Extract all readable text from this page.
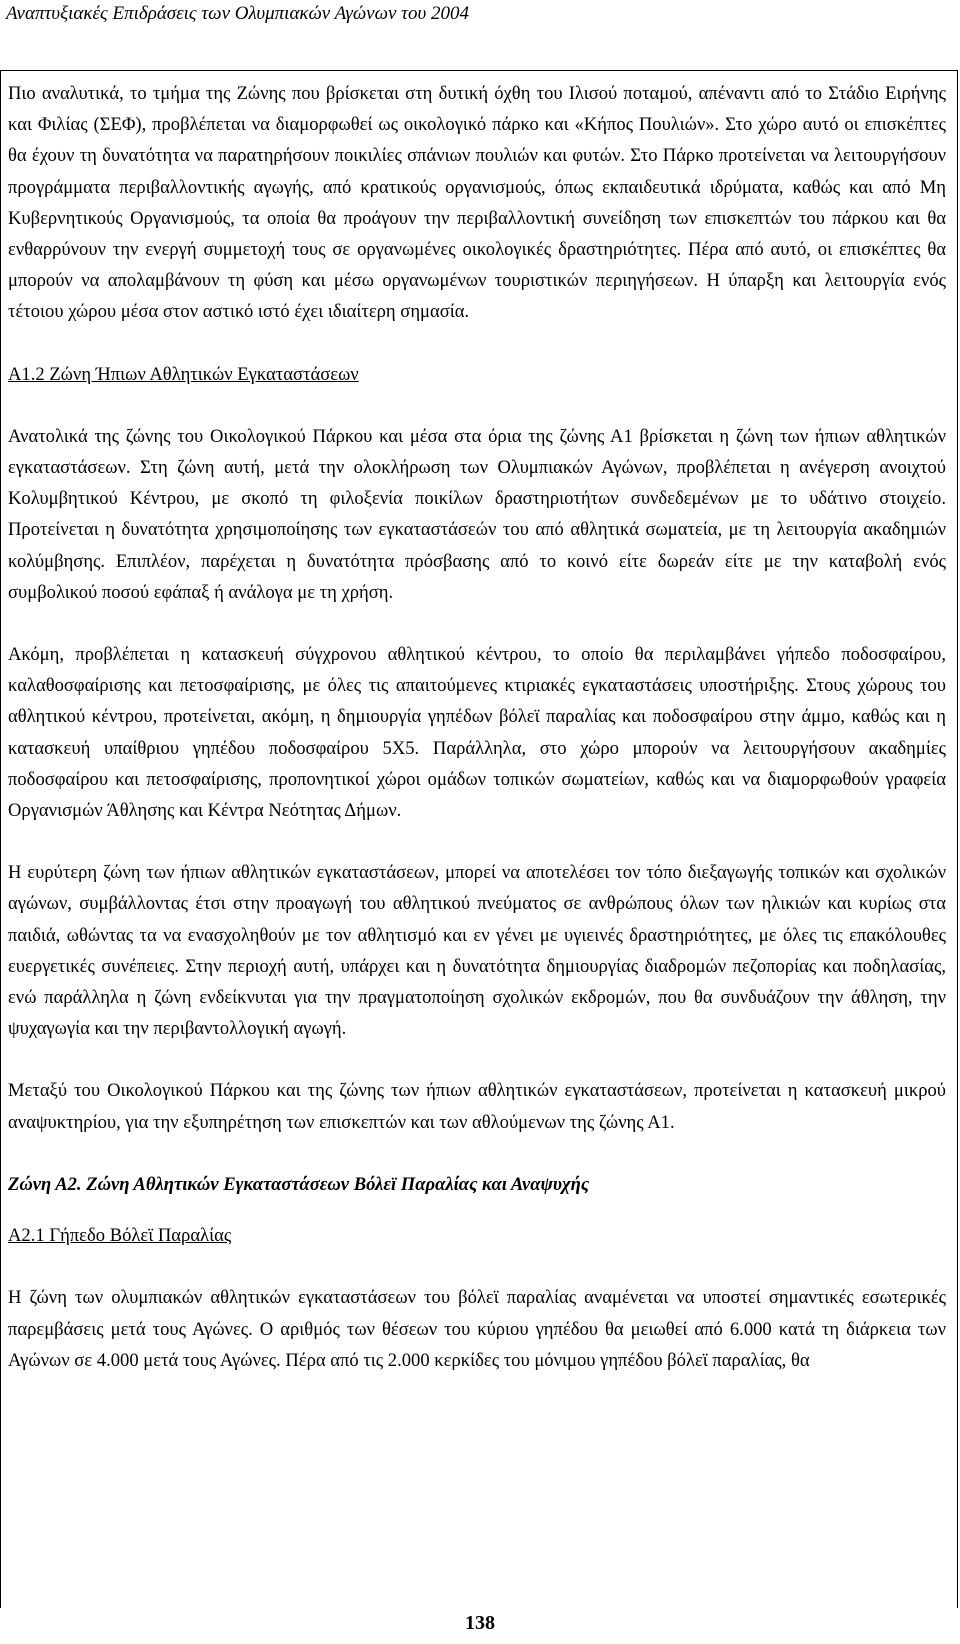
Αναπτυξιακές Επιδράσεις των Ολυμπιακών Αγώνων του 2004

Πιο αναλυτικά, το τμήμα της Ζώνης που βρίσκεται στη δυτική όχθη του Ιλισού ποταμού, απέναντι από το Στάδιο Ειρήνης και Φιλίας (ΣΕΦ), προβλέπεται να διαμορφωθεί ως οικολογικό πάρκο και «Κήπος Πουλιών». Στο χώρο αυτό οι επισκέπτες θα έχουν τη δυνατότητα να παρατηρήσουν ποικιλίες σπάνιων πουλιών και φυτών. Στο Πάρκο προτείνεται να λειτουργήσουν προγράμματα περιβαλλοντικής αγωγής, από κρατικούς οργανισμούς, όπως εκπαιδευτικά ιδρύματα, καθώς και από Μη Κυβερνητικούς Οργανισμούς, τα οποία θα προάγουν την περιβαλλοντική συνείδηση των επισκεπτών του πάρκου και θα ενθαρρύνουν την ενεργή συμμετοχή τους σε οργανωμένες οικολογικές δραστηριότητες. Πέρα από αυτό, οι επισκέπτες θα μπορούν να απολαμβάνουν τη φύση και μέσω οργανωμένων τουριστικών περιηγήσεων. Η ύπαρξη και λειτουργία ενός τέτοιου χώρου μέσα στον αστικό ιστό έχει ιδιαίτερη σημασία.

Α1.2 Ζώνη Ήπιων Αθλητικών Εγκαταστάσεων

Ανατολικά της ζώνης του Οικολογικού Πάρκου και μέσα στα όρια της ζώνης Α1 βρίσκεται η ζώνη των ήπιων αθλητικών εγκαταστάσεων. Στη ζώνη αυτή, μετά την ολοκλήρωση των Ολυμπιακών Αγώνων, προβλέπεται η ανέγερση ανοιχτού Κολυμβητικού Κέντρου, με σκοπό τη φιλοξενία ποικίλων δραστηριοτήτων συνδεδεμένων με το υδάτινο στοιχείο. Προτείνεται η δυνατότητα χρησιμοποίησης των εγκαταστάσεών του από αθλητικά σωματεία, με τη λειτουργία ακαδημιών κολύμβησης. Επιπλέον, παρέχεται η δυνατότητα πρόσβασης από το κοινό είτε δωρεάν είτε με την καταβολή ενός συμβολικού ποσού εφάπαξ ή ανάλογα με τη χρήση.

Ακόμη, προβλέπεται η κατασκευή σύγχρονου αθλητικού κέντρου, το οποίο θα περιλαμβάνει γήπεδο ποδοσφαίρου, καλαθοσφαίρισης και πετοσφαίρισης, με όλες τις απαιτούμενες κτιριακές εγκαταστάσεις υποστήριξης. Στους χώρους του αθλητικού κέντρου, προτείνεται, ακόμη, η δημιουργία γηπέδων βόλεϊ παραλίας και ποδοσφαίρου στην άμμο, καθώς και η κατασκευή υπαίθριου γηπέδου ποδοσφαίρου 5Χ5. Παράλληλα, στο χώρο μπορούν να λειτουργήσουν ακαδημίες ποδοσφαίρου και πετοσφαίρισης, προπονητικοί χώροι ομάδων τοπικών σωματείων, καθώς και να διαμορφωθούν γραφεία Οργανισμών Άθλησης και Κέντρα Νεότητας Δήμων.

Η ευρύτερη ζώνη των ήπιων αθλητικών εγκαταστάσεων, μπορεί να αποτελέσει τον τόπο διεξαγωγής τοπικών και σχολικών αγώνων, συμβάλλοντας έτσι στην προαγωγή του αθλητικού πνεύματος σε ανθρώπους όλων των ηλικιών και κυρίως στα παιδιά, ωθώντας τα να ενασχοληθούν με τον αθλητισμό και εν γένει με υγιεινές δραστηριότητες, με όλες τις επακόλουθες ευεργετικές συνέπειες. Στην περιοχή αυτή, υπάρχει και η δυνατότητα δημιουργίας διαδρομών πεζοπορίας και ποδηλασίας, ενώ παράλληλα η ζώνη ενδείκνυται για την πραγματοποίηση σχολικών εκδρομών, που θα συνδυάζουν την άθληση, την ψυχαγωγία και την περιβαντολλογική αγωγή.

Μεταξύ του Οικολογικού Πάρκου και της ζώνης των ήπιων αθλητικών εγκαταστάσεων, προτείνεται η κατασκευή μικρού αναψυκτηρίου, για την εξυπηρέτηση των επισκεπτών και των αθλούμενων της ζώνης Α1.

Ζώνη Α2. Ζώνη Αθλητικών Εγκαταστάσεων Βόλεϊ Παραλίας και Αναψυχής

Α2.1 Γήπεδο Βόλεϊ Παραλίας

Η ζώνη των ολυμπιακών αθλητικών εγκαταστάσεων του βόλεϊ παραλίας αναμένεται να υποστεί σημαντικές εσωτερικές παρεμβάσεις μετά τους Αγώνες. Ο αριθμός των θέσεων του κύριου γηπέδου θα μειωθεί από 6.000 κατά τη διάρκεια των Αγώνων σε 4.000 μετά τους Αγώνες. Πέρα από τις 2.000 κερκίδες του μόνιμου γηπέδου βόλεϊ παραλίας, θα

138
